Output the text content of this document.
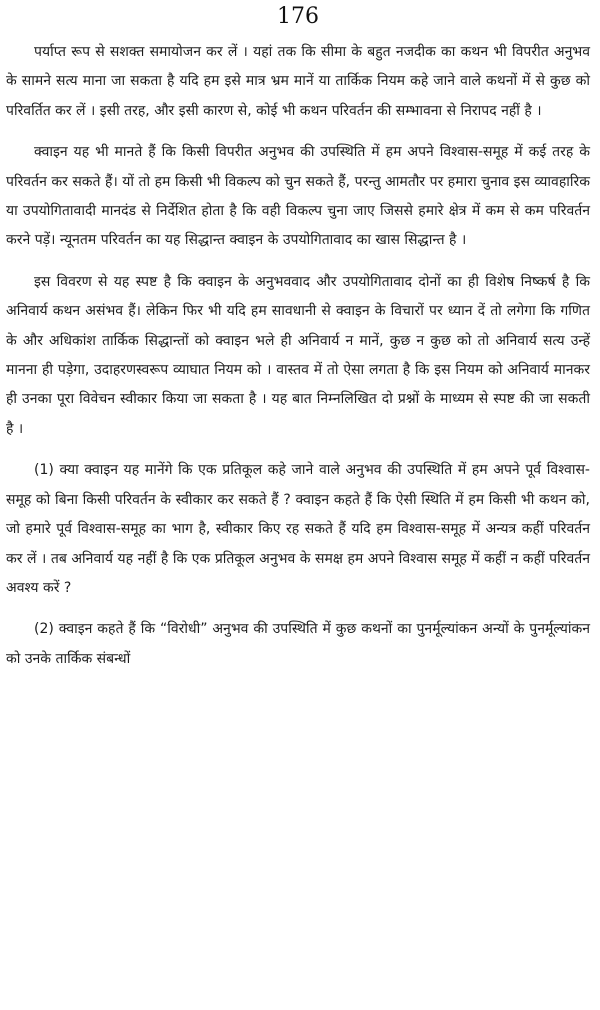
176

पर्याप्त रूप से सशक्त समायोजन कर लें । यहां तक कि सीमा के बहुत नजदीक का कथन भी विपरीत अनुभव के सामने सत्य माना जा सकता है यदि हम इसे मात्र भ्रम मानें या तार्किक नियम कहे जाने वाले कथनों में से कुछ को परिवर्तित कर लें । इसी तरह, और इसी कारण से, कोई भी कथन परिवर्तन की सम्भावना से निरापद नहीं है ।

क्वाइन यह भी मानते हैं कि किसी विपरीत अनुभव की उपस्थिति में हम अपने विश्वास-समूह में कई तरह के परिवर्तन कर सकते हैं। यों तो हम किसी भी विकल्प को चुन सकते हैं, परन्तु आमतौर पर हमारा चुनाव इस व्यावहारिक या उपयोगितावादी मानदंड से निर्देशित होता है कि वही विकल्प चुना जाए जिससे हमारे क्षेत्र में कम से कम परिवर्तन करने पड़ें। न्यूनतम परिवर्तन का यह सिद्धान्त क्वाइन के उपयोगितावाद का खास सिद्धान्त है ।

इस विवरण से यह स्पष्ट है कि क्वाइन के अनुभववाद और उपयोगितावाद दोनों का ही विशेष निष्कर्ष है कि अनिवार्य कथन असंभव हैं। लेकिन फिर भी यदि हम सावधानी से क्वाइन के विचारों पर ध्यान दें तो लगेगा कि गणित के और अधिकांश तार्किक सिद्धान्तों को क्वाइन भले ही अनिवार्य न मानें, कुछ न कुछ को तो अनिवार्य सत्य उन्हें मानना ही पड़ेगा, उदाहरणस्वरूप व्याघात नियम को । वास्तव में तो ऐसा लगता है कि इस नियम को अनिवार्य मानकर ही उनका पूरा विवेचन स्वीकार किया जा सकता है । यह बात निम्नलिखित दो प्रश्नों के माध्यम से स्पष्ट की जा सकती है ।

(1) क्या क्वाइन यह मानेंगे कि एक प्रतिकूल कहे जाने वाले अनुभव की उपस्थिति में हम अपने पूर्व विश्वास-समूह को बिना किसी परिवर्तन के स्वीकार कर सकते हैं ? क्वाइन कहते हैं कि ऐसी स्थिति में हम किसी भी कथन को, जो हमारे पूर्व विश्वास-समूह का भाग है, स्वीकार किए रह सकते हैं यदि हम विश्वास-समूह में अन्यत्र कहीं परिवर्तन कर लें । तब अनिवार्य यह नहीं है कि एक प्रतिकूल अनुभव के समक्ष हम अपने विश्वास समूह में कहीं न कहीं परिवर्तन अवश्य करें ?

(2) क्वाइन कहते हैं कि “विरोधी” अनुभव की उपस्थिति में कुछ कथनों का पुनर्मूल्यांकन अन्यों के पुनर्मूल्यांकन को उनके तार्किक संबन्धों
